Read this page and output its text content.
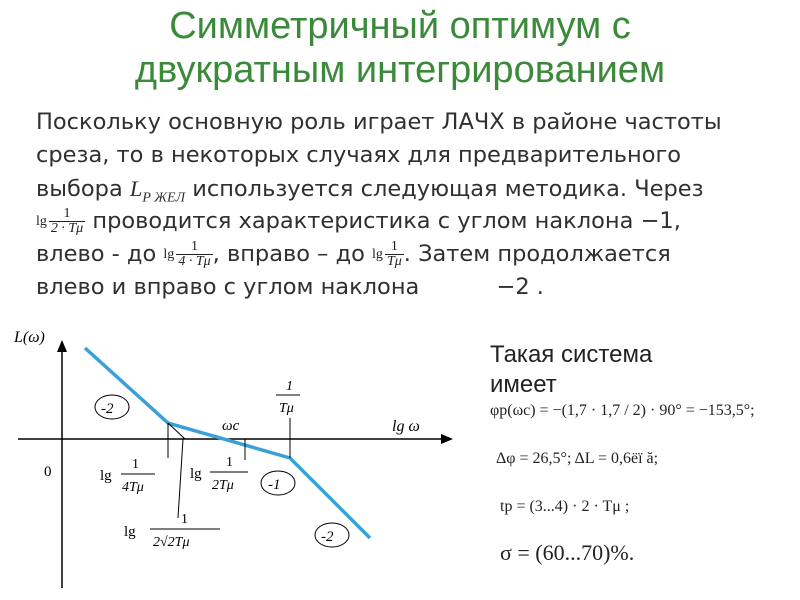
Симметричный оптимум с
двукратным интегрированием
Поскольку основную роль играет ЛАЧХ в районе частоты
среза, то в некоторых случаях для предварительного
выбора $L_{P ЖЕЛ}$ используется следующая методика. Через
$\lg \frac{1}{2 \cdot T\mu}$ проводится характеристика с углом наклона −1,
влево - до $\lg \frac{1}{4 \cdot T\mu}$ , вправо – до $\lg \frac{1}{T\mu}$ . Затем продолжается
влево и вправо с углом наклона	−2 .
L(ω)
lg ω
0
-2
-1
-2
ωc
1
Tμ
lg
1
4Tμ
lg
1
2Tμ
lg
1
2√2Tμ
Такая система
имеет
φp(ωc) = −(1,7 · 1,7 / 2) · 90° = −153,5°;
Δφ = 26,5°; ΔL = 0,6ёї ă;
tp = (3...4) · 2 · Tμ ;
σ = (60...70)%.
